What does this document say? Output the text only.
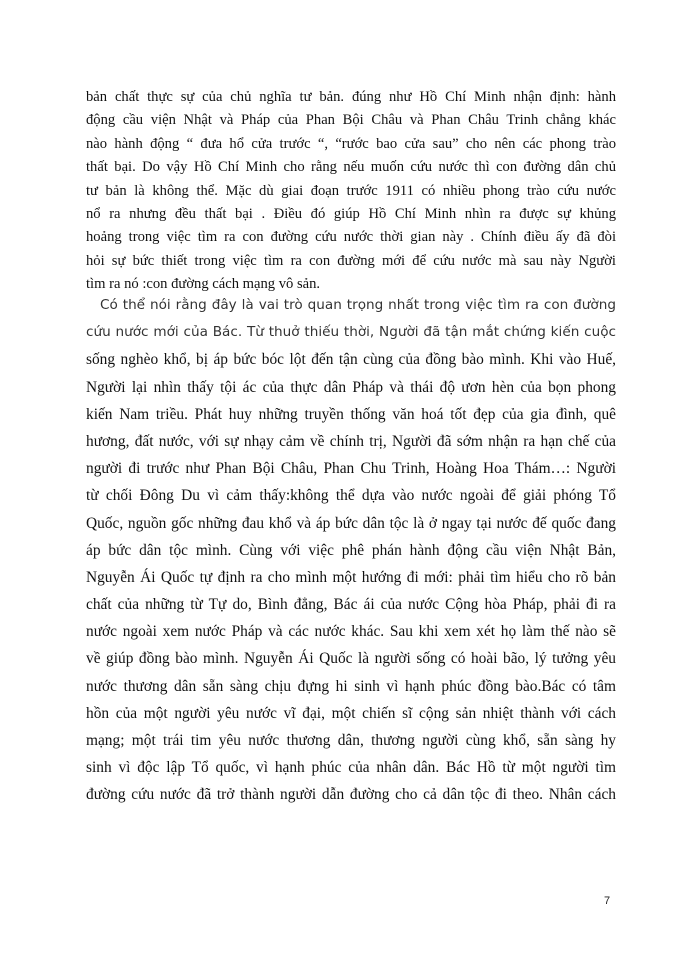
bản chất thực sự của chủ nghĩa tư bản. đúng như Hồ Chí Minh nhận định: hành
động cầu viện Nhật và Pháp của Phan Bội Châu và Phan Châu Trinh chẳng khác
nào hành động “ đưa hổ cửa trước “, “rước bao cửa sau” cho nên các phong trào
thất bại. Do vậy Hồ Chí Minh cho rằng nếu muốn cứu nước thì con đường dân chủ
tư bản là không thể. Mặc dù giai đoạn trước 1911 có nhiều phong trào cứu nước
nổ ra nhưng đều thất bại . Điều đó giúp Hồ Chí Minh nhìn ra được sự khủng
hoảng trong việc tìm ra con đường cứu nước thời gian này . Chính điều ấy đã đòi
hỏi sự bức thiết trong việc tìm ra con đường mới để cứu nước mà sau này Người
tìm ra nó :con đường cách mạng vô sản.

Có thể nói rằng đây là vai trò quan trọng nhất trong việc tìm ra con đường
cứu nước mới của Bác. Từ thuở thiếu thời, Người đã tận mắt chứng kiến cuộc
sống nghèo khổ, bị áp bức bóc lột đến tận cùng của đồng bào mình. Khi vào Huế,
Người lại nhìn thấy tội ác của thực dân Pháp và thái độ ươn hèn của bọn phong
kiến Nam triều. Phát huy những truyền thống văn hoá tốt đẹp của gia đình, quê
hương, đất nước, với sự nhạy cảm về chính trị, Người đã sớm nhận ra hạn chế của
người đi trước như Phan Bội Châu, Phan Chu Trinh, Hoàng Hoa Thám…: Người
từ chối Đông Du vì cảm thấy:không thể dựa vào nước ngoài để giải phóng Tổ
Quốc, nguồn gốc những đau khổ và áp bức dân tộc là ở ngay tại nước đế quốc đang
áp bức dân tộc mình. Cùng với việc phê phán hành động cầu viện Nhật Bản,
Nguyễn Ái Quốc tự định ra cho mình một hướng đi mới: phải tìm hiểu cho rõ bản
chất của những từ Tự do, Bình đẳng, Bác ái của nước Cộng hòa Pháp, phải đi ra
nước ngoài xem nước Pháp và các nước khác. Sau khi xem xét họ làm thế nào sẽ
về giúp đồng bào mình. Nguyễn Ái Quốc là người sống có hoài bão, lý tưởng yêu
nước thương dân sẵn sàng chịu đựng hi sinh vì hạnh phúc đồng bào.Bác có tâm
hồn của một người yêu nước vĩ đại, một chiến sĩ cộng sản nhiệt thành với cách
mạng; một trái tim yêu nước thương dân, thương người cùng khổ, sẵn sàng hy
sinh vì độc lập Tổ quốc, vì hạnh phúc của nhân dân. Bác Hồ từ một người tìm
đường cứu nước đã trở thành người dẫn đường cho cả dân tộc đi theo. Nhân cách

7
